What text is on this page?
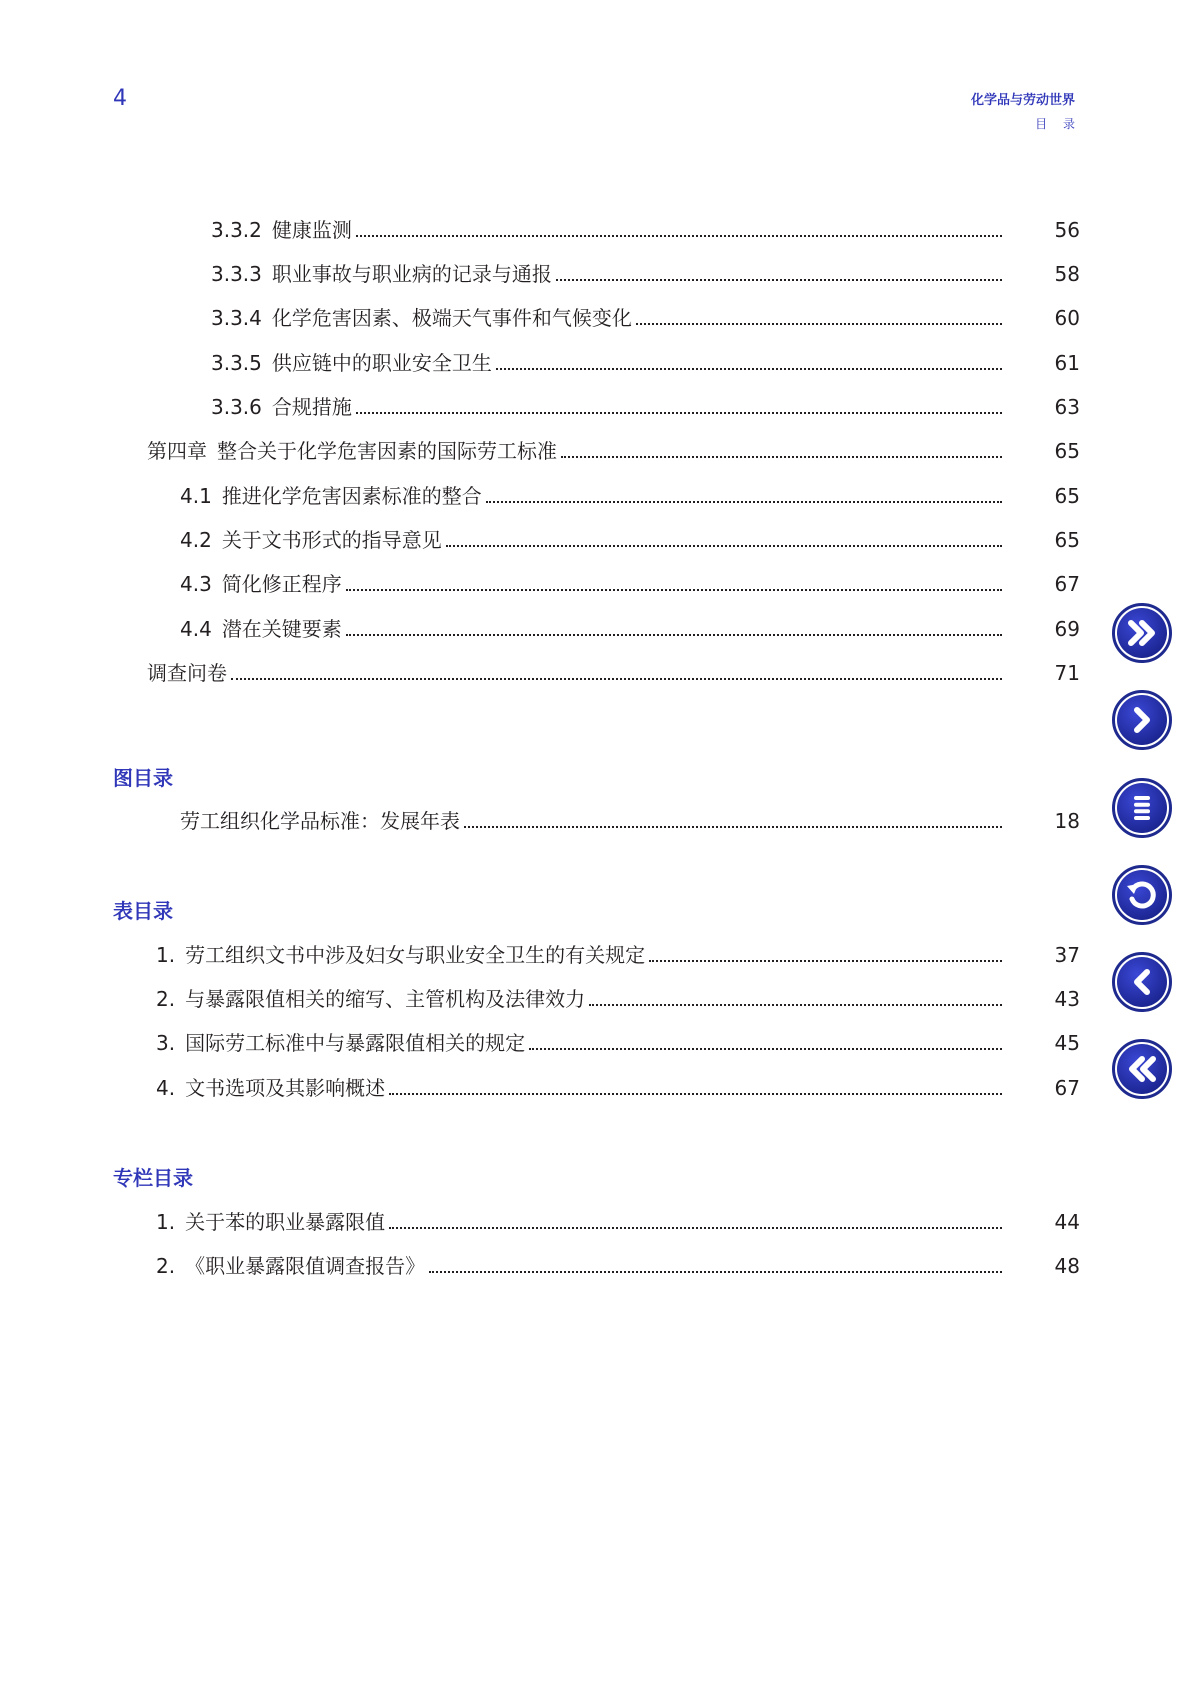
4	化学品与劳动世界
目 录
3.3.2 健康监测	56
3.3.3 职业事故与职业病的记录与通报	58
3.3.4 化学危害因素、极端天气事件和气候变化	60
3.3.5 供应链中的职业安全卫生	61
3.3.6 合规措施	63
第四章 整合关于化学危害因素的国际劳工标准	65
4.1 推进化学危害因素标准的整合	65
4.2 关于文书形式的指导意见	65
4.3 简化修正程序	67
4.4 潜在关键要素	69
调查问卷	71
图目录
劳工组织化学品标准：发展年表	18
表目录
1. 劳工组织文书中涉及妇女与职业安全卫生的有关规定	37
2. 与暴露限值相关的缩写、主管机构及法律效力	43
3. 国际劳工标准中与暴露限值相关的规定	45
4. 文书选项及其影响概述	67
专栏目录
1. 关于苯的职业暴露限值	44
2. 《职业暴露限值调查报告》	48
